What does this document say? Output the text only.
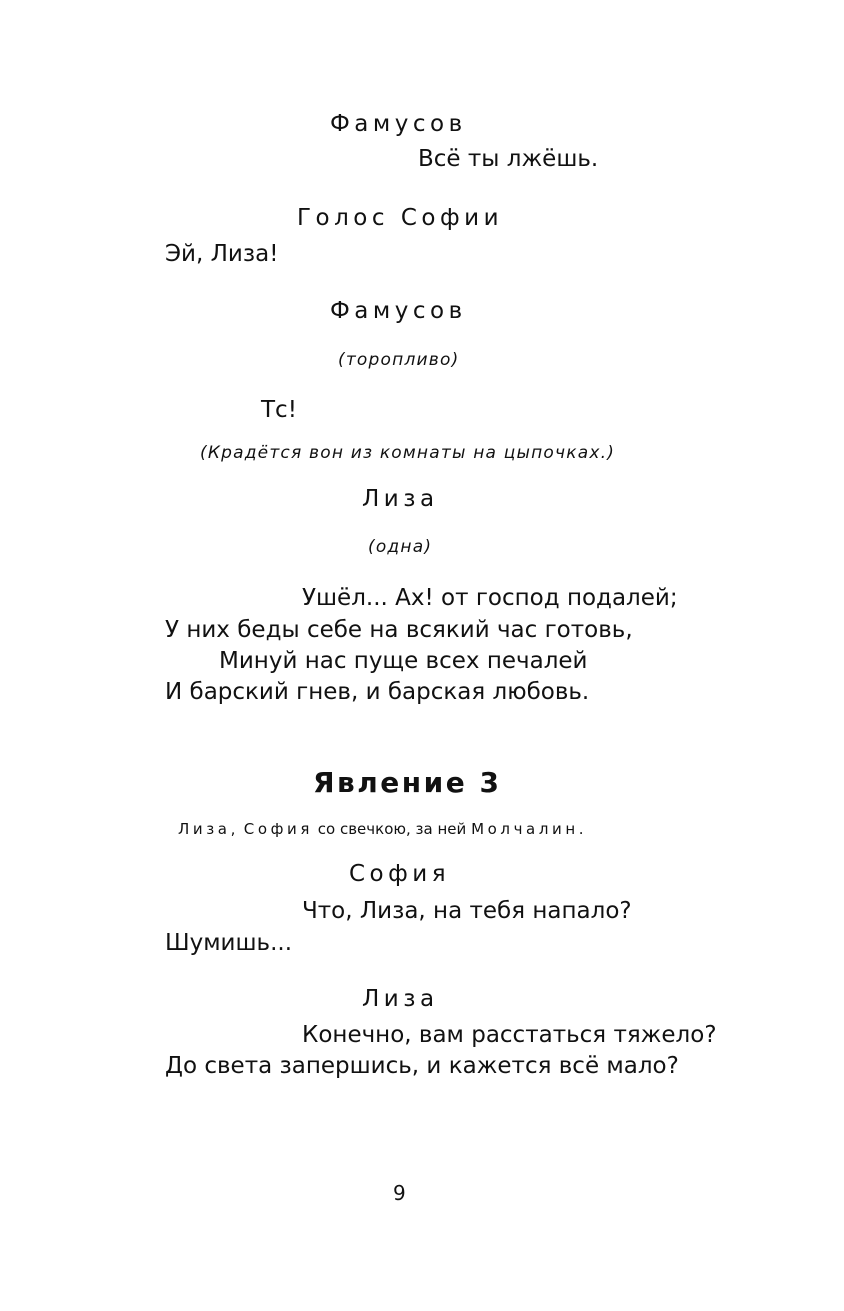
Фамусов
Всё ты лжёшь.
Голос Софии
Эй, Лиза!
Фамусов
(торопливо)
Тс!
(Крадётся вон из комнаты на цыпочках.)
Лиза
(одна)
Ушёл... Ах! от господ подалей;
У них беды себе на всякий час готовь,
Минуй нас пуще всех печалей
И барский гнев, и барская любовь.
Явление 3
Лиза, София со свечкою, за ней Молчалин.
София
Что, Лиза, на тебя напало?
Шумишь...
Лиза
Конечно, вам расстаться тяжело?
До света запершись, и кажется всё мало?
9
